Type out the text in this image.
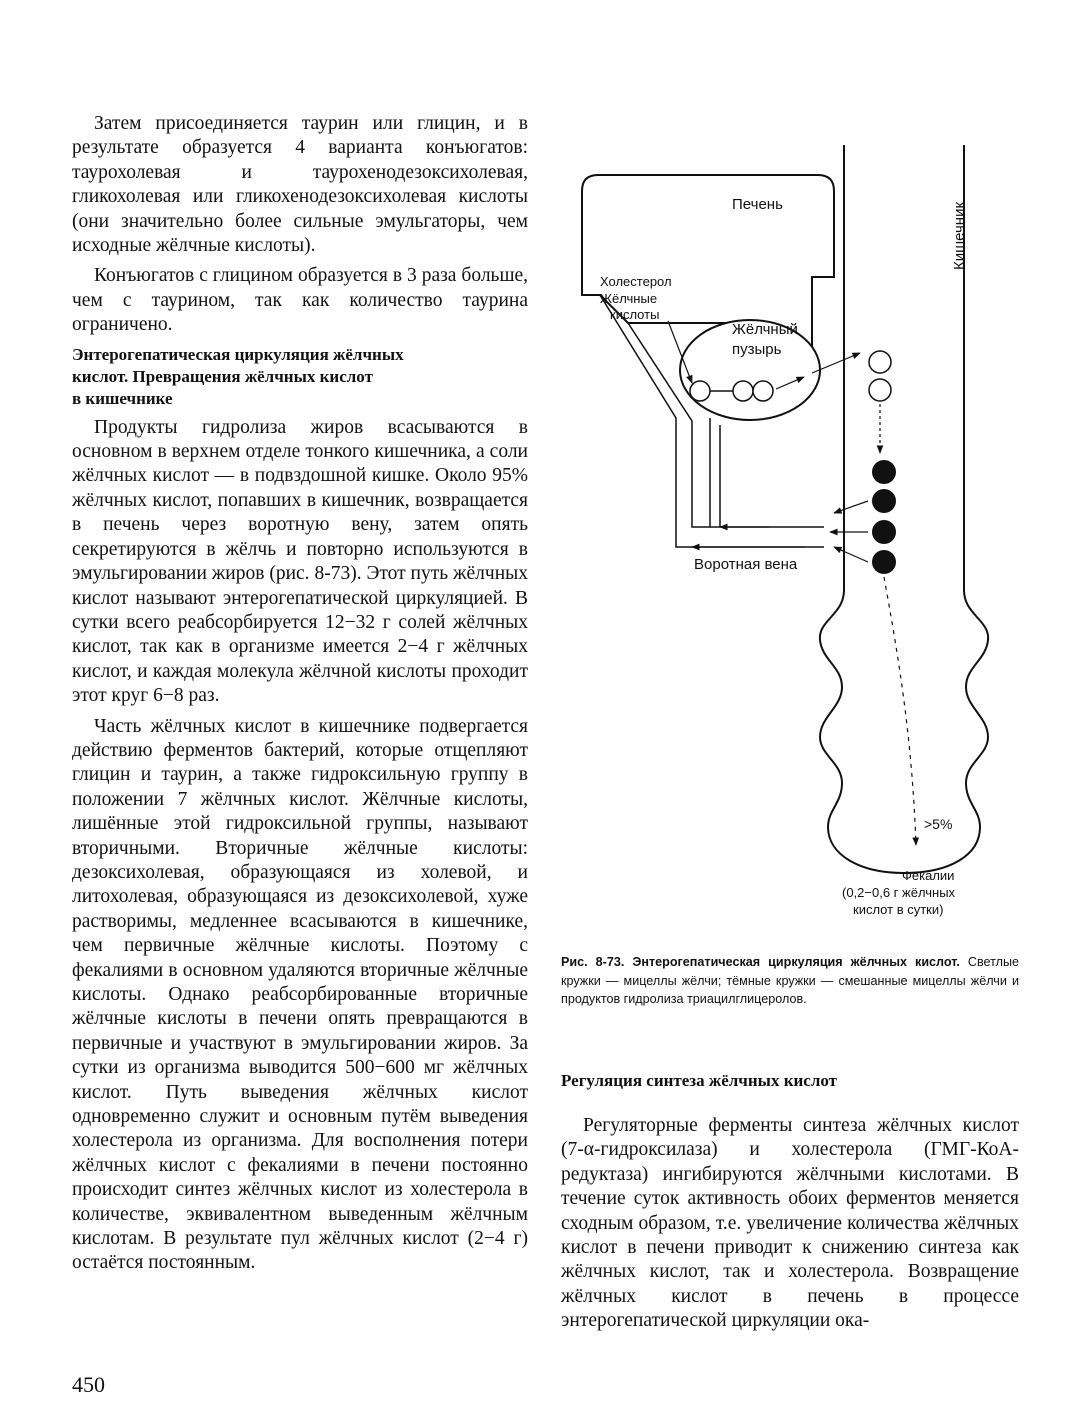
Затем присоединяется таурин или глицин, и в результате образуется 4 варианта конъюгатов: таурохолевая и таурохенодезоксихолевая, гликохолевая или гликохенодезоксихолевая кислоты (они значительно более сильные эмульгаторы, чем исходные жёлчные кислоты).

Конъюгатов с глицином образуется в 3 раза больше, чем с таурином, так как количество таурина ограничено.

Энтерогепатическая циркуляция жёлчных
кислот. Превращения жёлчных кислот
в кишечнике

Продукты гидролиза жиров всасываются в основном в верхнем отделе тонкого кишечника, а соли жёлчных кислот — в подвздошной кишке. Около 95% жёлчных кислот, попавших в кишечник, возвращается в печень через воротную вену, затем опять секретируются в жёлчь и повторно используются в эмульгировании жиров (рис. 8-73). Этот путь жёлчных кислот называют энтерогепатической циркуляцией. В сутки всего реабсорбируется 12−32 г солей жёлчных кислот, так как в организме имеется 2−4 г жёлчных кислот, и каждая молекула жёлчной кислоты проходит этот круг 6−8 раз.

Часть жёлчных кислот в кишечнике подвергается действию ферментов бактерий, которые отщепляют глицин и таурин, а также гидроксильную группу в положении 7 жёлчных кислот. Жёлчные кислоты, лишённые этой гидроксильной группы, называют вторичными. Вторичные жёлчные кислоты: дезоксихолевая, образующаяся из холевой, и литохолевая, образующаяся из дезоксихолевой, хуже растворимы, медленнее всасываются в кишечнике, чем первичные жёлчные кислоты. Поэтому с фекалиями в основном удаляются вторичные жёлчные кислоты. Однако реабсорбированные вторичные жёлчные кислоты в печени опять превращаются в первичные и участвуют в эмульгировании жиров. За сутки из организма выводится 500−600 мг жёлчных кислот. Путь выведения жёлчных кислот одновременно служит и основным путём выведения холестерола из организма. Для восполнения потери жёлчных кислот с фекалиями в печени постоянно происходит синтез жёлчных кислот из холестерола в количестве, эквивалентном выведенным жёлчным кислотам. В результате пул жёлчных кислот (2−4 г) остаётся постоянным.

Печень	Кишечник
Холестерол
Жёлчные
кислоты
Жёлчный
пузырь
Воротная вена
>5%
Фекалии
(0,2−0,6 г жёлчных
кислот в сутки)
Рис. 8-73. Энтерогепатическая циркуляция жёлчных кислот. Светлые кружки — мицеллы жёлчи; тёмные кружки — смешанные мицеллы жёлчи и продуктов гидролиза триацилглицеролов.
Регуляция синтеза жёлчных кислот

Регуляторные ферменты синтеза жёлчных кислот (7-α-гидроксилаза) и холестерола (ГМГ-КоА-редуктаза) ингибируются жёлчными кислотами. В течение суток активность обоих ферментов меняется сходным образом, т.е. увеличение количества жёлчных кислот в печени приводит к снижению синтеза как жёлчных кислот, так и холестерола. Возвращение жёлчных кислот в печень в процессе энтерогепатической циркуляции ока-

450
